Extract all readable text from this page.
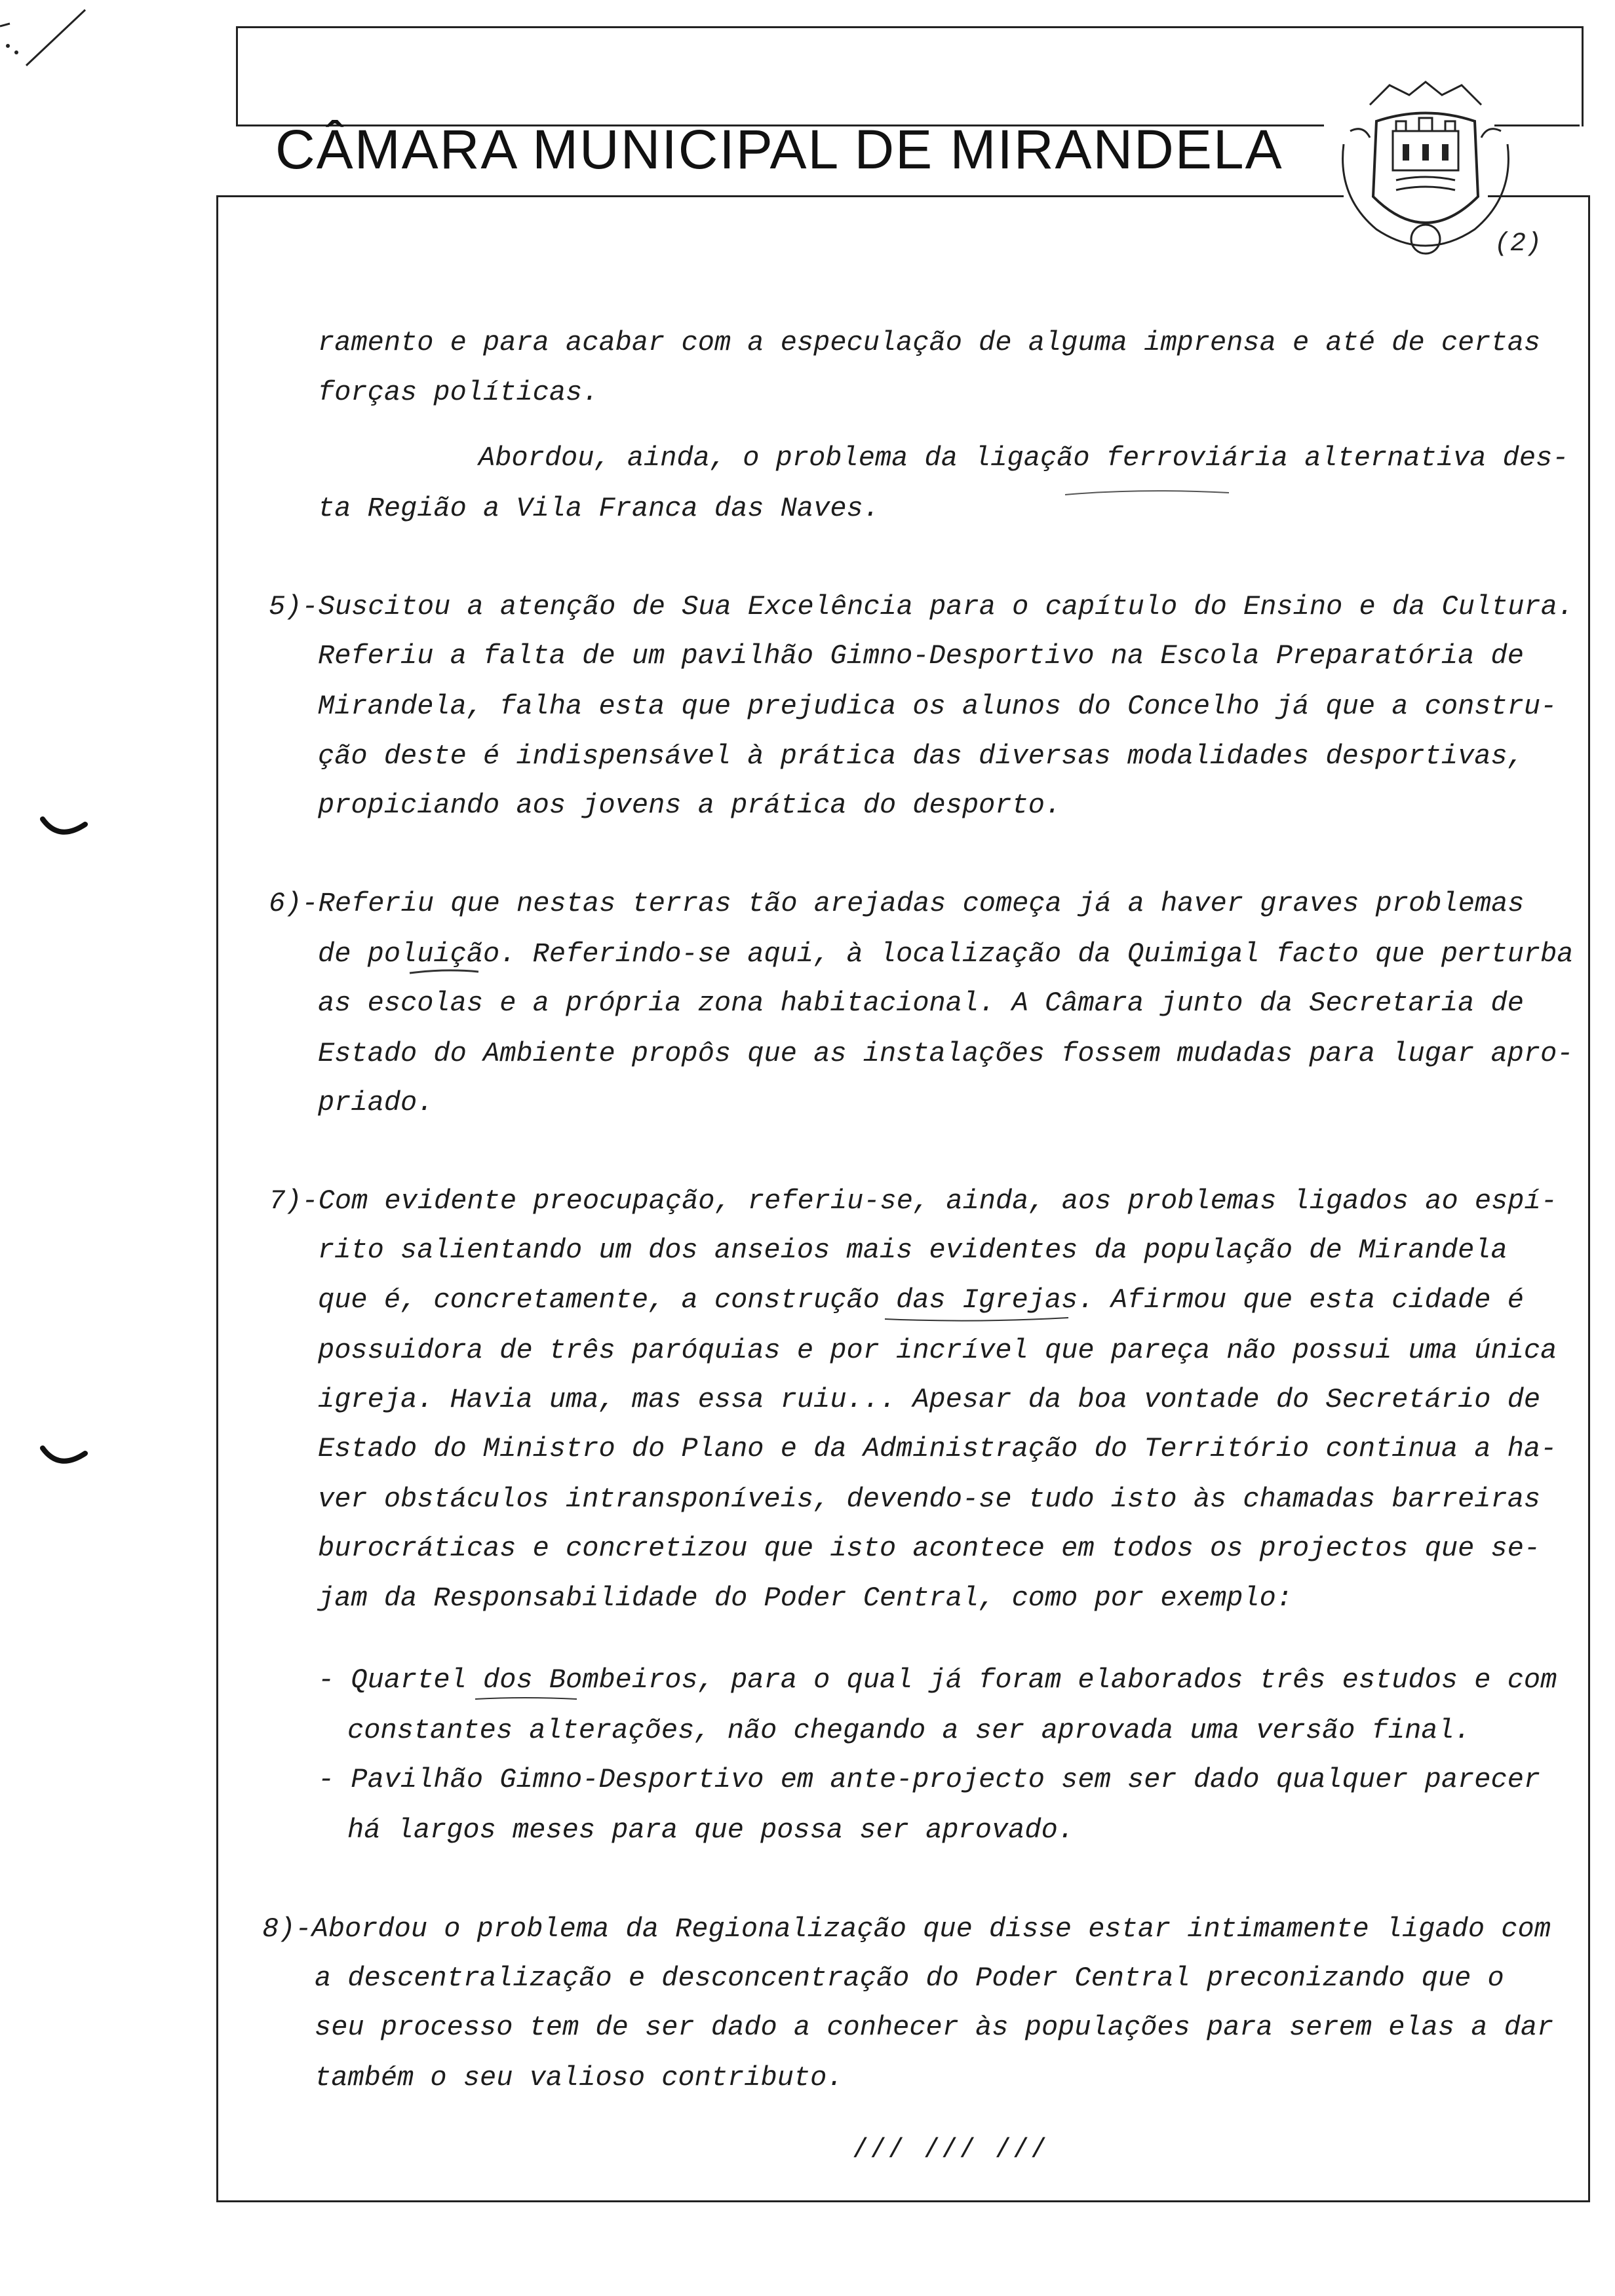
CÂMARA MUNICIPAL DE MIRANDELA
(2)
ramento e para acabar com a especulação de alguma imprensa e até de certas
forças políticas.
Abordou, ainda, o problema da ligação ferroviária alternativa des-
ta Região a Vila Franca das Naves.
5)-Suscitou a atenção de Sua Excelência para o capítulo do Ensino e da Cultura.
Referiu a falta de um pavilhão Gimno-Desportivo na Escola Preparatória de
Mirandela, falha esta que prejudica os alunos do Concelho já que a constru-
ção deste é indispensável à prática das diversas modalidades desportivas,
propiciando aos jovens a prática do desporto.
6)-Referiu que nestas terras tão arejadas começa já a haver graves problemas
de poluição. Referindo-se aqui, à localização da Quimigal facto que perturba
as escolas e a própria zona habitacional. A Câmara junto da Secretaria de
Estado do Ambiente propôs que as instalações fossem mudadas para lugar apro-
priado.
7)-Com evidente preocupação, referiu-se, ainda, aos problemas ligados ao espí-
rito salientando um dos anseios mais evidentes da população de Mirandela
que é, concretamente, a construção das Igrejas. Afirmou que esta cidade é
possuidora de três paróquias e por incrível que pareça não possui uma única
igreja. Havia uma, mas essa ruiu... Apesar da boa vontade do Secretário de
Estado do Ministro do Plano e da Administração do Território continua a ha-
ver obstáculos intransponíveis, devendo-se tudo isto às chamadas barreiras
burocráticas e concretizou que isto acontece em todos os projectos que se-
jam da Responsabilidade do Poder Central, como por exemplo:
- Quartel dos Bombeiros, para o qual já foram elaborados três estudos e com
constantes alterações, não chegando a ser aprovada uma versão final.
- Pavilhão Gimno-Desportivo em ante-projecto sem ser dado qualquer parecer
há largos meses para que possa ser aprovado.
8)-Abordou o problema da Regionalização que disse estar intimamente ligado com
a descentralização e desconcentração do Poder Central preconizando que o
seu processo tem de ser dado a conhecer às populações para serem elas a dar
também o seu valioso contributo.
/// /// ///
